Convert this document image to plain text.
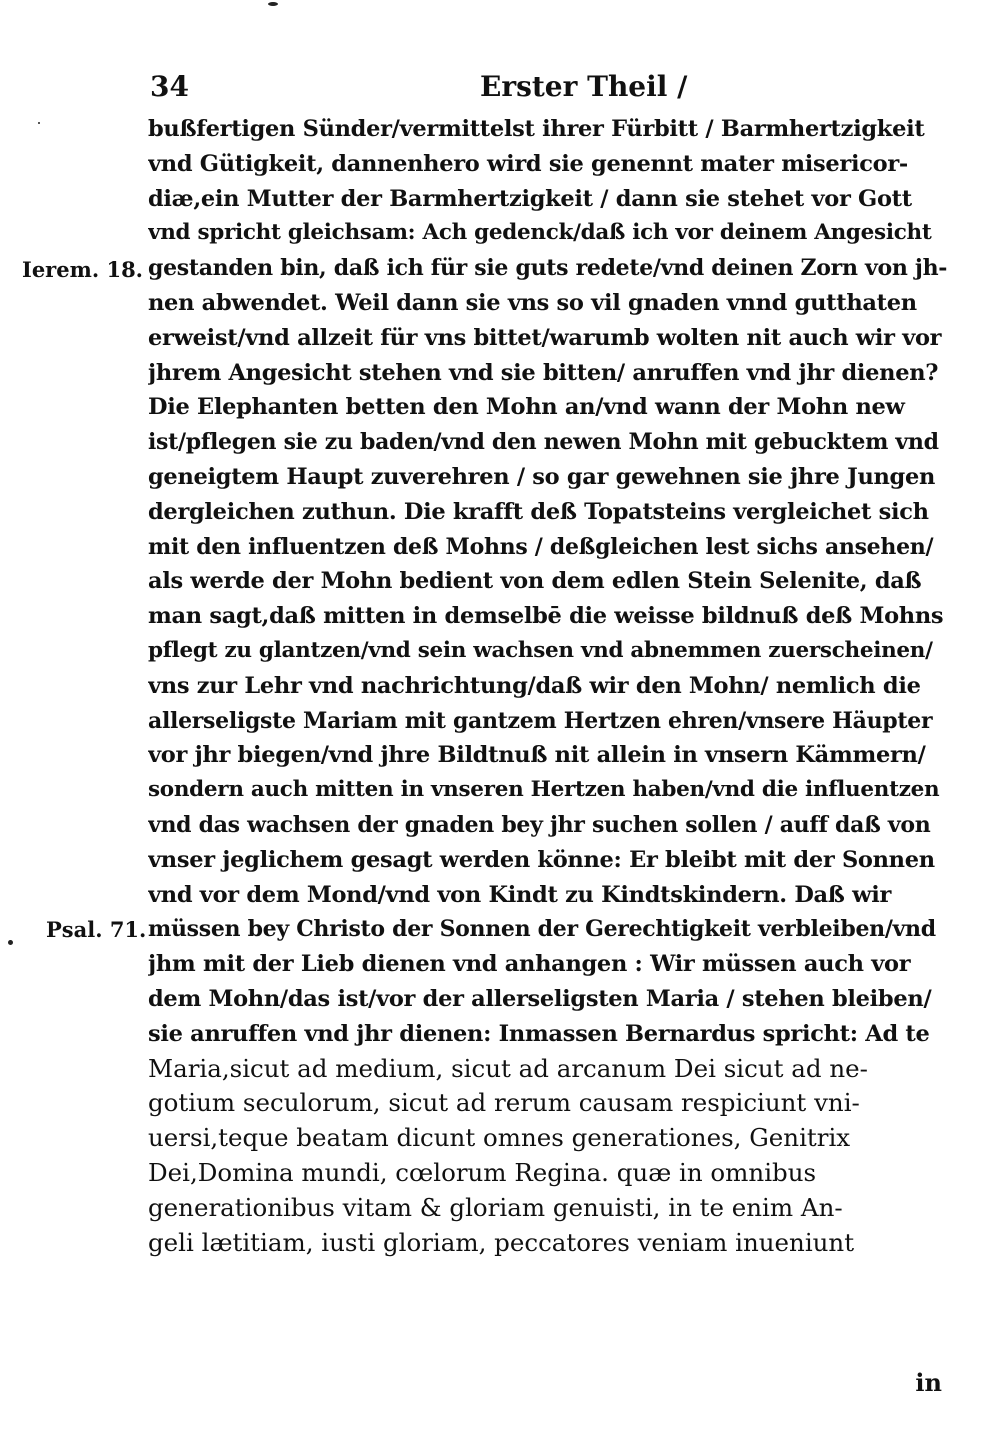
34	Erster Theil /
Ierem. 18.
Psal. 71.
bußfertigen Sünder/vermittelst ihrer Fürbitt / Barmhertzigkeit
vnd Gütigkeit, dannenhero wird sie genennt mater misericor-
diæ,ein Mutter der Barmhertzigkeit / dann sie stehet vor Gott
vnd spricht gleichsam: Ach gedenck/daß ich vor deinem Angesicht
gestanden bin, daß ich für sie guts redete/vnd deinen Zorn von jh-
nen abwendet. Weil dann sie vns so vil gnaden vnnd gutthaten
erweist/vnd allzeit für vns bittet/warumb wolten nit auch wir vor
jhrem Angesicht stehen vnd sie bitten/ anruffen vnd jhr dienen?
Die Elephanten betten den Mohn an/vnd wann der Mohn new
ist/pflegen sie zu baden/vnd den newen Mohn mit gebucktem vnd
geneigtem Haupt zuverehren / so gar gewehnen sie jhre Jungen
dergleichen zuthun. Die krafft deß Topatsteins vergleichet sich
mit den influentzen deß Mohns / deßgleichen lest sichs ansehen/
als werde der Mohn bedient von dem edlen Stein Selenite, daß
man sagt,daß mitten in demselbē die weisse bildnuß deß Mohns
pflegt zu glantzen/vnd sein wachsen vnd abnemmen zuerscheinen/
vns zur Lehr vnd nachrichtung/daß wir den Mohn/ nemlich die
allerseligste Mariam mit gantzem Hertzen ehren/vnsere Häupter
vor jhr biegen/vnd jhre Bildtnuß nit allein in vnsern Kämmern/
sondern auch mitten in vnseren Hertzen haben/vnd die influentzen
vnd das wachsen der gnaden bey jhr suchen sollen / auff daß von
vnser jeglichem gesagt werden könne: Er bleibt mit der Sonnen
vnd vor dem Mond/vnd von Kindt zu Kindtskindern. Daß wir
müssen bey Christo der Sonnen der Gerechtigkeit verbleiben/vnd
jhm mit der Lieb dienen vnd anhangen : Wir müssen auch vor
dem Mohn/das ist/vor der allerseligsten Maria / stehen bleiben/
sie anruffen vnd jhr dienen: Inmassen Bernardus spricht: Ad te
Maria,sicut ad medium, sicut ad arcanum Dei sicut ad ne-
gotium seculorum, sicut ad rerum causam respiciunt vni-
uersi,teque beatam dicunt omnes generationes, Genitrix
Dei,Domina mundi, cœlorum Regina. quæ in omnibus
generationibus vitam & gloriam genuisti, in te enim An-
geli lætitiam, iusti gloriam, peccatores veniam inueniunt
in
